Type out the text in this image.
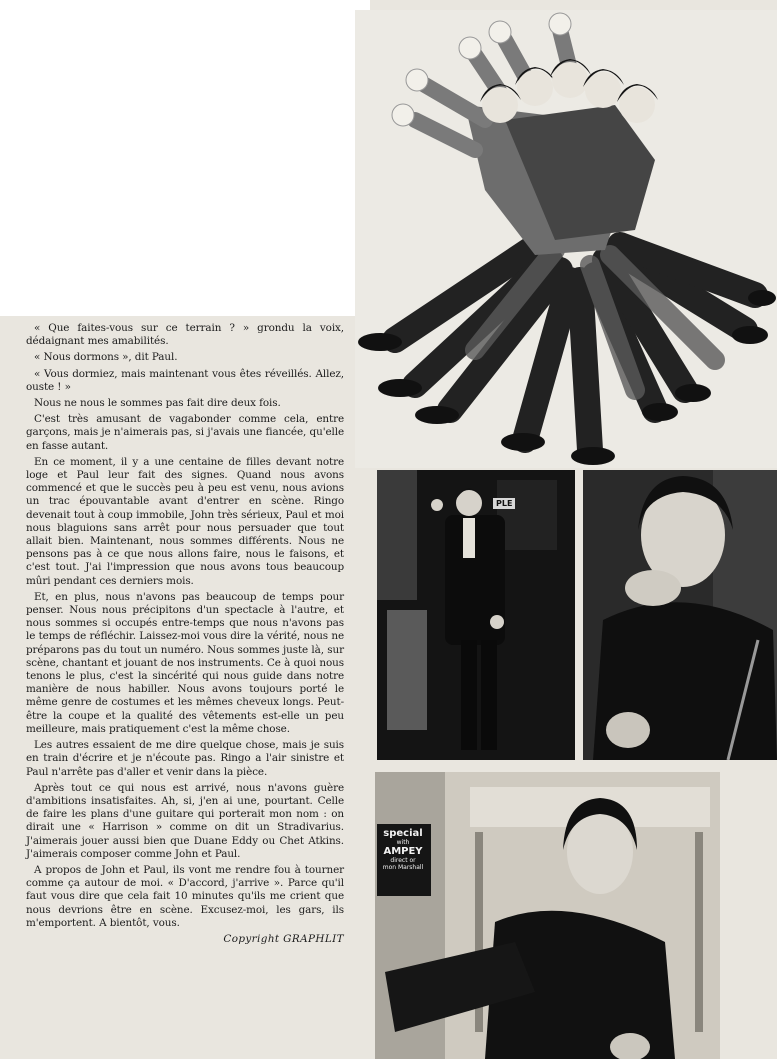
« Que faites-vous sur ce terrain ? » grondu la voix, dédaignant mes amabilités.

« Nous dormons », dit Paul.

« Vous dormiez, mais maintenant vous êtes réveillés. Allez, ouste ! »

Nous ne nous le sommes pas fait dire deux fois.

C'est très amusant de vagabonder comme cela, entre garçons, mais je n'aimerais pas, si j'avais une fiancée, qu'elle en fasse autant.

En ce moment, il y a une centaine de filles devant notre loge et Paul leur fait des signes. Quand nous avons commencé et que le succès peu à peu est venu, nous avions un trac épouvantable avant d'entrer en scène. Ringo devenait tout à coup immobile, John très sérieux, Paul et moi nous blaguions sans arrêt pour nous persuader que tout allait bien. Maintenant, nous sommes différents. Nous ne pensons pas à ce que nous allons faire, nous le faisons, et c'est tout. J'ai l'impression que nous avons tous beaucoup mûri pendant ces derniers mois.

Et, en plus, nous n'avons pas beaucoup de temps pour penser. Nous nous précipitons d'un spectacle à l'autre, et nous sommes si occupés entre-temps que nous n'avons pas le temps de réfléchir. Laissez-moi vous dire la vérité, nous ne préparons pas du tout un numéro. Nous sommes juste là, sur scène, chantant et jouant de nos instruments. Ce à quoi nous tenons le plus, c'est la sincérité qui nous guide dans notre manière de nous habiller. Nous avons toujours porté le même genre de costumes et les mêmes cheveux longs. Peut-être la coupe et la qualité des vêtements est-elle un peu meilleure, mais pratiquement c'est la même chose.

Les autres essaient de me dire quelque chose, mais je suis en train d'écrire et je n'écoute pas. Ringo a l'air sinistre et Paul n'arrête pas d'aller et venir dans la pièce.

Après tout ce qui nous est arrivé, nous n'avons guère d'ambitions insatisfaites. Ah, si, j'en ai une, pourtant. Celle de faire les plans d'une guitare qui porterait mon nom : on dirait une « Harrison » comme on dit un Stradivarius. J'aimerais jouer aussi bien que Duane Eddy ou Chet Atkins. J'aimerais composer comme John et Paul.

A propos de John et Paul, ils vont me rendre fou à tourner comme ça autour de moi. « D'accord, j'arrive ». Parce qu'il faut vous dire que cela fait 10 minutes qu'ils me crient que nous devrions être en scène. Excusez-moi, les gars, ils m'emportent. A bientôt, vous.

Copyright GRAPHLIT

PLE
special
with
AMPEY
direct or
mon Marshall
